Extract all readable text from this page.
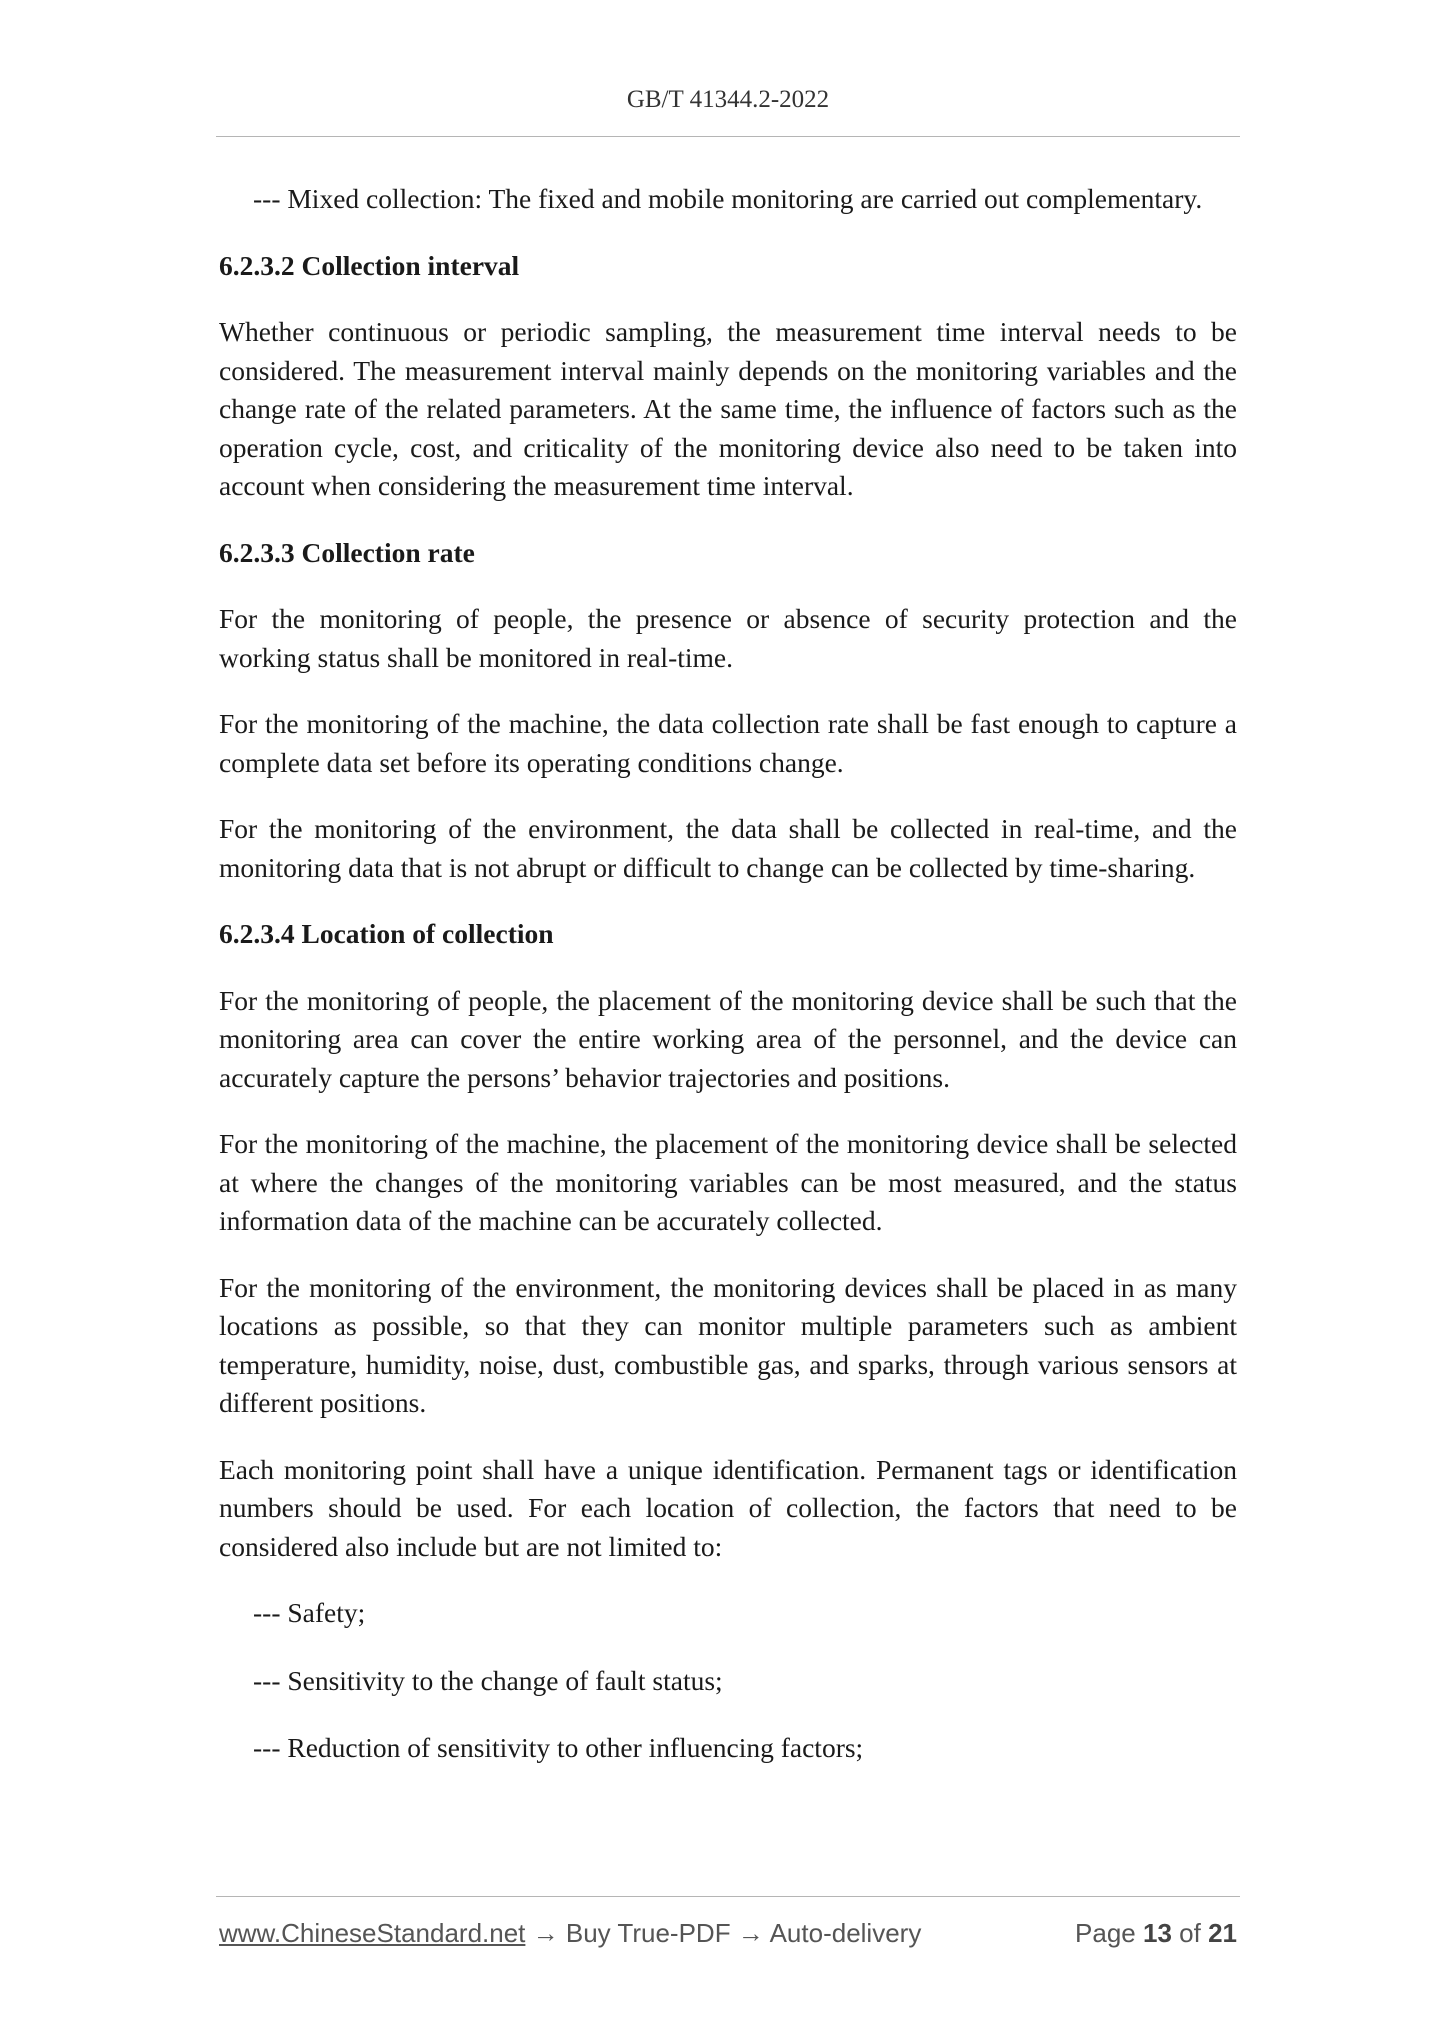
GB/T 41344.2-2022

--- Mixed collection: The fixed and mobile monitoring are carried out complementary.

6.2.3.2 Collection interval

Whether continuous or periodic sampling, the measurement time interval needs to be considered. The measurement interval mainly depends on the monitoring variables and the change rate of the related parameters. At the same time, the influence of factors such as the operation cycle, cost, and criticality of the monitoring device also need to be taken into account when considering the measurement time interval.

6.2.3.3 Collection rate

For the monitoring of people, the presence or absence of security protection and the working status shall be monitored in real-time.

For the monitoring of the machine, the data collection rate shall be fast enough to capture a complete data set before its operating conditions change.

For the monitoring of the environment, the data shall be collected in real-time, and the monitoring data that is not abrupt or difficult to change can be collected by time-sharing.

6.2.3.4 Location of collection

For the monitoring of people, the placement of the monitoring device shall be such that the monitoring area can cover the entire working area of the personnel, and the device can accurately capture the persons’ behavior trajectories and positions.

For the monitoring of the machine, the placement of the monitoring device shall be selected at where the changes of the monitoring variables can be most measured, and the status information data of the machine can be accurately collected.

For the monitoring of the environment, the monitoring devices shall be placed in as many locations as possible, so that they can monitor multiple parameters such as ambient temperature, humidity, noise, dust, combustible gas, and sparks, through various sensors at different positions.

Each monitoring point shall have a unique identification. Permanent tags or identification numbers should be used. For each location of collection, the factors that need to be considered also include but are not limited to:

--- Safety;

--- Sensitivity to the change of fault status;

--- Reduction of sensitivity to other influencing factors;

www.ChineseStandard.net → Buy True-PDF → Auto-delivery	Page 13 of 21
